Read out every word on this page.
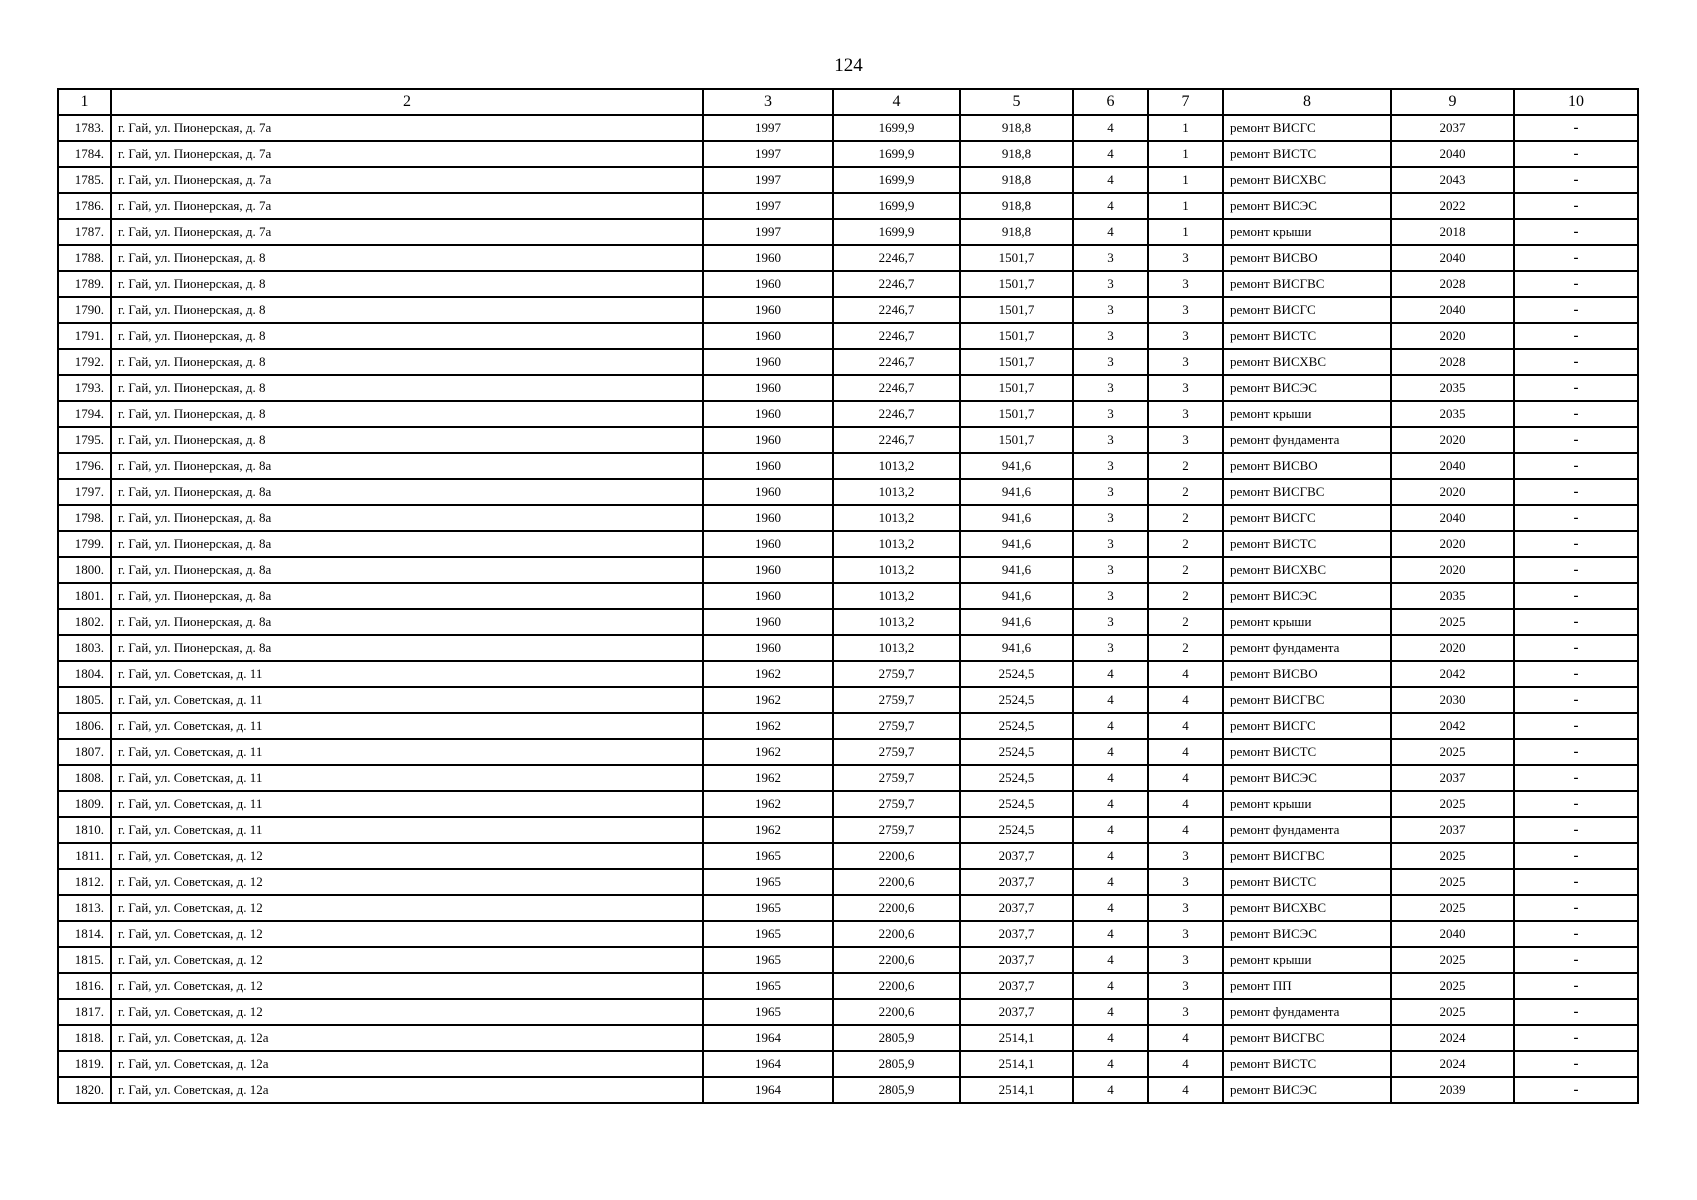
124
1	2	3	4	5	6	7	8	9	10
1783.	г. Гай, ул. Пионерская, д. 7а	1997	1699,9	918,8	4	1	ремонт ВИСГС	2037	-
1784.	г. Гай, ул. Пионерская, д. 7а	1997	1699,9	918,8	4	1	ремонт ВИСТС	2040	-
1785.	г. Гай, ул. Пионерская, д. 7а	1997	1699,9	918,8	4	1	ремонт ВИСХВС	2043	-
1786.	г. Гай, ул. Пионерская, д. 7а	1997	1699,9	918,8	4	1	ремонт ВИСЭС	2022	-
1787.	г. Гай, ул. Пионерская, д. 7а	1997	1699,9	918,8	4	1	ремонт крыши	2018	-
1788.	г. Гай, ул. Пионерская, д. 8	1960	2246,7	1501,7	3	3	ремонт ВИСВО	2040	-
1789.	г. Гай, ул. Пионерская, д. 8	1960	2246,7	1501,7	3	3	ремонт ВИСГВС	2028	-
1790.	г. Гай, ул. Пионерская, д. 8	1960	2246,7	1501,7	3	3	ремонт ВИСГС	2040	-
1791.	г. Гай, ул. Пионерская, д. 8	1960	2246,7	1501,7	3	3	ремонт ВИСТС	2020	-
1792.	г. Гай, ул. Пионерская, д. 8	1960	2246,7	1501,7	3	3	ремонт ВИСХВС	2028	-
1793.	г. Гай, ул. Пионерская, д. 8	1960	2246,7	1501,7	3	3	ремонт ВИСЭС	2035	-
1794.	г. Гай, ул. Пионерская, д. 8	1960	2246,7	1501,7	3	3	ремонт крыши	2035	-
1795.	г. Гай, ул. Пионерская, д. 8	1960	2246,7	1501,7	3	3	ремонт фундамента	2020	-
1796.	г. Гай, ул. Пионерская, д. 8а	1960	1013,2	941,6	3	2	ремонт ВИСВО	2040	-
1797.	г. Гай, ул. Пионерская, д. 8а	1960	1013,2	941,6	3	2	ремонт ВИСГВС	2020	-
1798.	г. Гай, ул. Пионерская, д. 8а	1960	1013,2	941,6	3	2	ремонт ВИСГС	2040	-
1799.	г. Гай, ул. Пионерская, д. 8а	1960	1013,2	941,6	3	2	ремонт ВИСТС	2020	-
1800.	г. Гай, ул. Пионерская, д. 8а	1960	1013,2	941,6	3	2	ремонт ВИСХВС	2020	-
1801.	г. Гай, ул. Пионерская, д. 8а	1960	1013,2	941,6	3	2	ремонт ВИСЭС	2035	-
1802.	г. Гай, ул. Пионерская, д. 8а	1960	1013,2	941,6	3	2	ремонт крыши	2025	-
1803.	г. Гай, ул. Пионерская, д. 8а	1960	1013,2	941,6	3	2	ремонт фундамента	2020	-
1804.	г. Гай, ул. Советская, д. 11	1962	2759,7	2524,5	4	4	ремонт ВИСВО	2042	-
1805.	г. Гай, ул. Советская, д. 11	1962	2759,7	2524,5	4	4	ремонт ВИСГВС	2030	-
1806.	г. Гай, ул. Советская, д. 11	1962	2759,7	2524,5	4	4	ремонт ВИСГС	2042	-
1807.	г. Гай, ул. Советская, д. 11	1962	2759,7	2524,5	4	4	ремонт ВИСТС	2025	-
1808.	г. Гай, ул. Советская, д. 11	1962	2759,7	2524,5	4	4	ремонт ВИСЭС	2037	-
1809.	г. Гай, ул. Советская, д. 11	1962	2759,7	2524,5	4	4	ремонт крыши	2025	-
1810.	г. Гай, ул. Советская, д. 11	1962	2759,7	2524,5	4	4	ремонт фундамента	2037	-
1811.	г. Гай, ул. Советская, д. 12	1965	2200,6	2037,7	4	3	ремонт ВИСГВС	2025	-
1812.	г. Гай, ул. Советская, д. 12	1965	2200,6	2037,7	4	3	ремонт ВИСТС	2025	-
1813.	г. Гай, ул. Советская, д. 12	1965	2200,6	2037,7	4	3	ремонт ВИСХВС	2025	-
1814.	г. Гай, ул. Советская, д. 12	1965	2200,6	2037,7	4	3	ремонт ВИСЭС	2040	-
1815.	г. Гай, ул. Советская, д. 12	1965	2200,6	2037,7	4	3	ремонт крыши	2025	-
1816.	г. Гай, ул. Советская, д. 12	1965	2200,6	2037,7	4	3	ремонт ПП	2025	-
1817.	г. Гай, ул. Советская, д. 12	1965	2200,6	2037,7	4	3	ремонт фундамента	2025	-
1818.	г. Гай, ул. Советская, д. 12а	1964	2805,9	2514,1	4	4	ремонт ВИСГВС	2024	-
1819.	г. Гай, ул. Советская, д. 12а	1964	2805,9	2514,1	4	4	ремонт ВИСТС	2024	-
1820.	г. Гай, ул. Советская, д. 12а	1964	2805,9	2514,1	4	4	ремонт ВИСЭС	2039	-
